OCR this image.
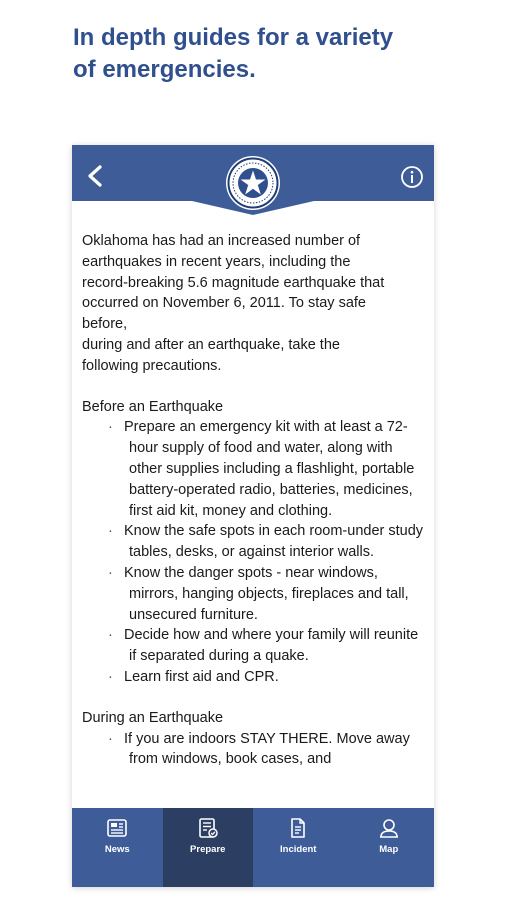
In depth guides for a variety
of emergencies.
Oklahoma has had an increased number of
earthquakes in recent years, including the
record-breaking 5.6 magnitude earthquake that
occurred on November 6, 2011. To stay safe
before,
during and after an earthquake, take the
following precautions.
Before an Earthquake
· Prepare an emergency kit with at least a 72-hour supply of food and water, along with other supplies including a flashlight, portable battery-operated radio, batteries, medicines, first aid kit, money and clothing.
· Know the safe spots in each room-under study tables, desks, or against interior walls.
· Know the danger spots - near windows, mirrors, hanging objects, fireplaces and tall, unsecured furniture.
· Decide how and where your family will reunite if separated during a quake.
· Learn first aid and CPR.
During an Earthquake
· If you are indoors STAY THERE. Move away from windows, book cases, and
News	Prepare	Incident	Map
